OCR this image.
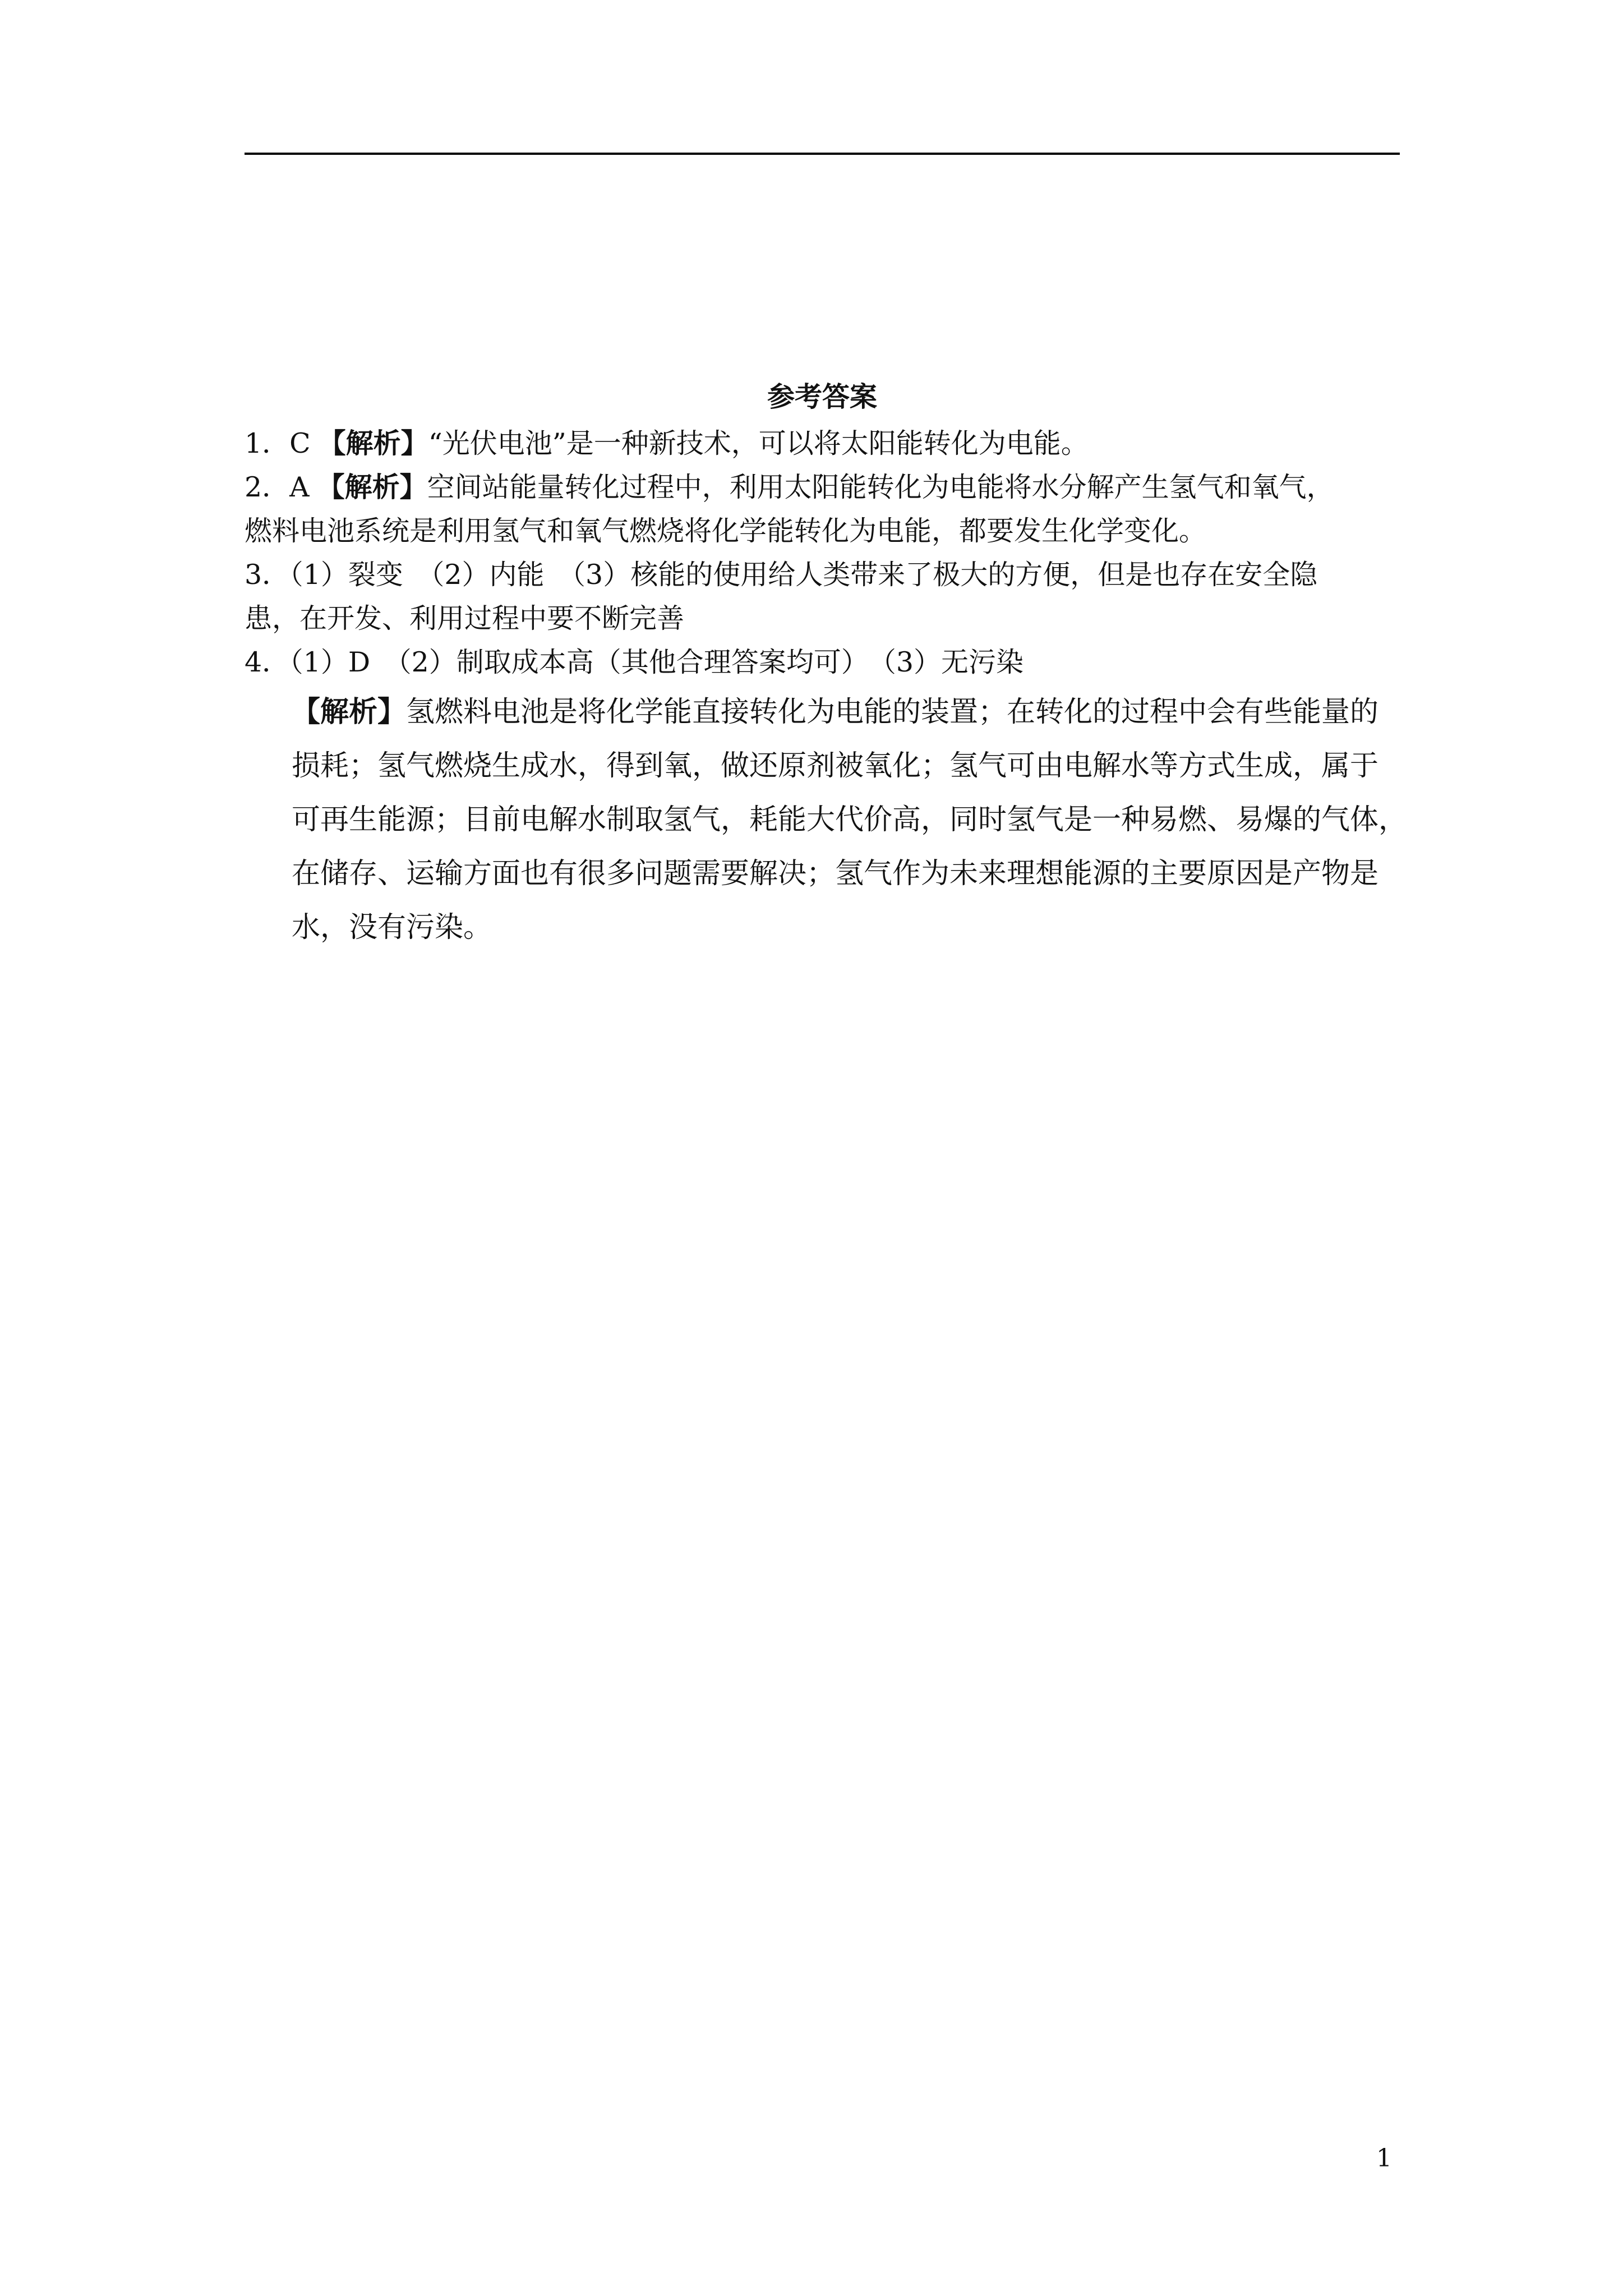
参考答案
1．C 【解析】“光伏电池”是一种新技术，可以将太阳能转化为电能。
2．A 【解析】空间站能量转化过程中，利用太阳能转化为电能将水分解产生氢气和氧气，
燃料电池系统是利用氢气和氧气燃烧将化学能转化为电能，都要发生化学变化。
3．（1）裂变　（2）内能　（3）核能的使用给人类带来了极大的方便，但是也存在安全隐
患，在开发、利用过程中要不断完善
4．（1）D　（2）制取成本高（其他合理答案均可）　（3）无污染
【解析】氢燃料电池是将化学能直接转化为电能的装置；在转化的过程中会有些能量的
损耗；氢气燃烧生成水，得到氧，做还原剂被氧化；氢气可由电解水等方式生成，属于
可再生能源；目前电解水制取氢气，耗能大代价高，同时氢气是一种易燃、易爆的气体，
在储存、运输方面也有很多问题需要解决；氢气作为未来理想能源的主要原因是产物是
水，没有污染。
1
